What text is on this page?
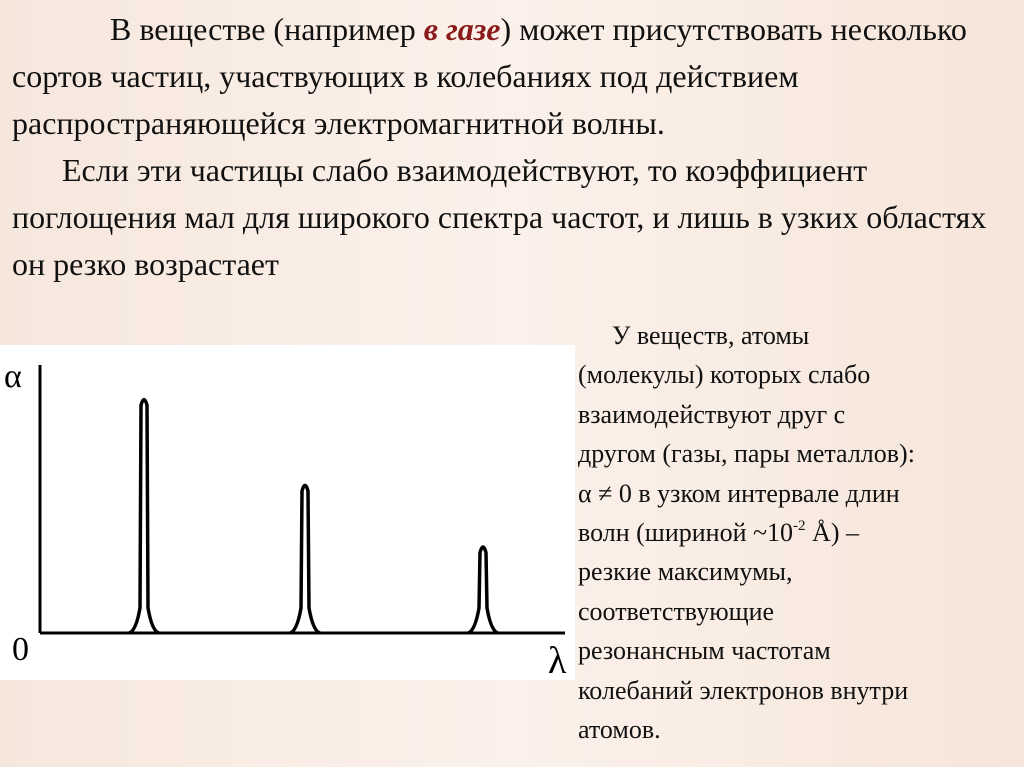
В веществе (например в газе) может присутствовать несколько сортов частиц, участвующих в колебаниях под действием распространяющейся электромагнитной волны.
Если эти частицы слабо взаимодействуют, то коэффициент поглощения мал для широкого спектра частот, и лишь в узких областях он резко возрастает

α
0	λ

У веществ, атомы
(молекулы) которых слабо
взаимодействуют друг с
другом (газы, пары металлов):
α ≠ 0 в узком интервале длин
волн (шириной $\sim 10^{-2}$ Å) –
резкие максимумы,
соответствующие
резонансным частотам
колебаний электронов внутри
атомов.
